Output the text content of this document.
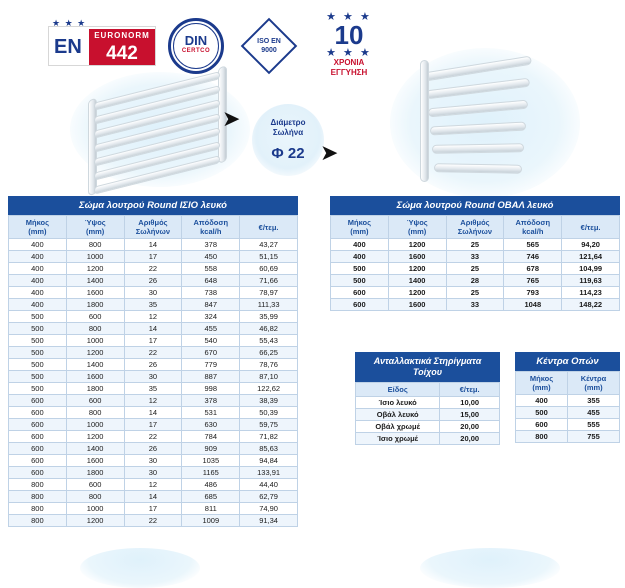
★ ★ ★
EN
EURONORM
442
DIN
CERTCO
ISO EN
9000
★ ★ ★
10
★ ★ ★
ΧΡΟΝΙΑ
ΕΓΓΥΗΣΗ
➤	Διάμετρο
Σωλήνα
Φ 22 ➤
Σώμα λουτρού Round ΙΣΙΟ λευκό
Μήκος
(mm)	Ύψος
(mm)	Αριθμός
Σωλήνων	Απόδοση
kcal/h	€/τεμ.
400	800	14	378	43,27
400	1000	17	450	51,15
400	1200	22	558	60,69
400	1400	26	648	71,66
400	1600	30	738	78,97
400	1800	35	847	111,33
500	600	12	324	35,99
500	800	14	455	46,82
500	1000	17	540	55,43
500	1200	22	670	66,25
500	1400	26	779	78,76
500	1600	30	887	87,10
500	1800	35	998	122,62
600	600	12	378	38,39
600	800	14	531	50,39
600	1000	17	630	59,75
600	1200	22	784	71,82
600	1400	26	909	85,63
600	1600	30	1035	94,84
600	1800	30	1165	133,91
800	600	12	486	44,40
800	800	14	685	62,79
800	1000	17	811	74,90
800	1200	22	1009	91,34
Σώμα λουτρού Round ΟΒΑΛ λευκό
Μήκος
(mm)	Ύψος
(mm)	Αριθμός
Σωλήνων	Απόδοση
kcal/h	€/τεμ.
400	1200	25	565	94,20
400	1600	33	746	121,64
500	1200	25	678	104,99
500	1400	28	765	119,63
600	1200	25	793	114,23
600	1600	33	1048	148,22
Ανταλλακτικά Στηρίγματα
Τοίχου
Είδος	€/τεμ.
Ίσιο λευκό	10,00
Οβάλ λευκό	15,00
Οβάλ χρωμέ	20,00
Ίσιο χρωμέ	20,00
Κέντρα Οπών
Μήκος
(mm)	Κέντρα
(mm)
400	355
500	455
600	555
800	755
